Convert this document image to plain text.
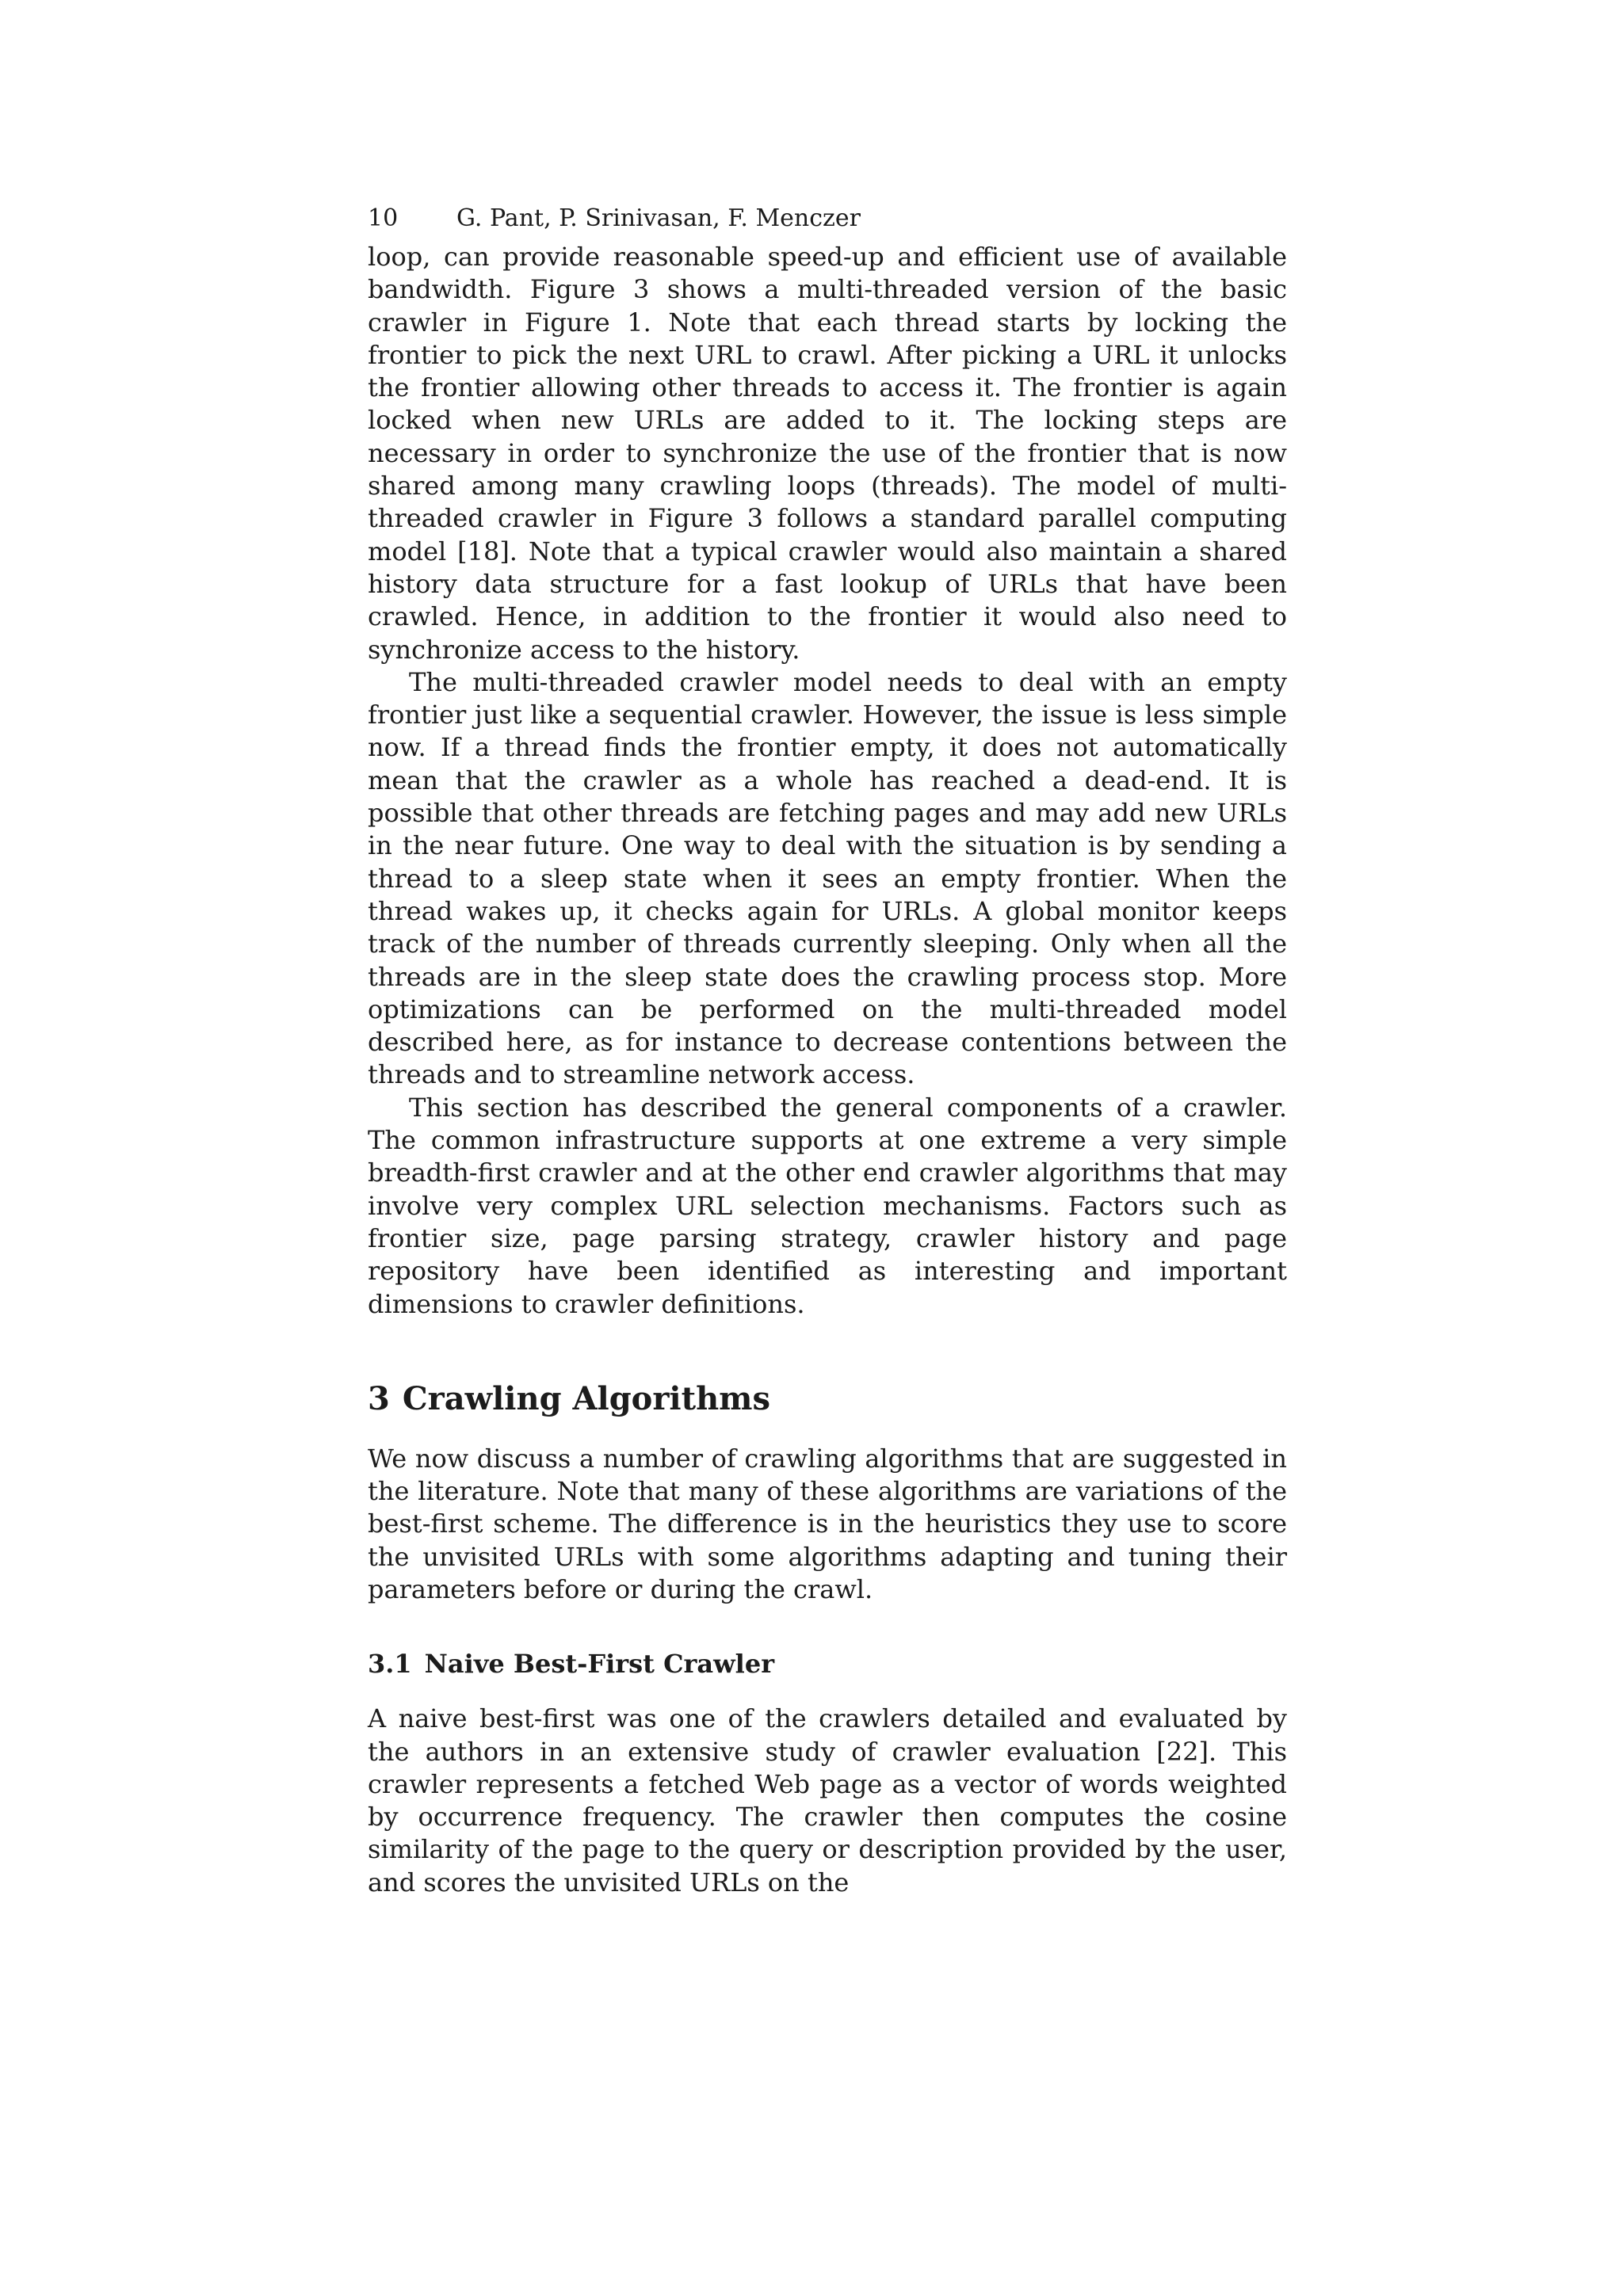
10	G. Pant, P. Srinivasan, F. Menczer

loop, can provide reasonable speed-up and efficient use of available bandwidth. Figure 3 shows a multi-threaded version of the basic crawler in Figure 1. Note that each thread starts by locking the frontier to pick the next URL to crawl. After picking a URL it unlocks the frontier allowing other threads to access it. The frontier is again locked when new URLs are added to it. The locking steps are necessary in order to synchronize the use of the frontier that is now shared among many crawling loops (threads). The model of multi-threaded crawler in Figure 3 follows a standard parallel computing model [18]. Note that a typical crawler would also maintain a shared history data structure for a fast lookup of URLs that have been crawled. Hence, in addition to the frontier it would also need to synchronize access to the history.

The multi-threaded crawler model needs to deal with an empty frontier just like a sequential crawler. However, the issue is less simple now. If a thread finds the frontier empty, it does not automatically mean that the crawler as a whole has reached a dead-end. It is possible that other threads are fetching pages and may add new URLs in the near future. One way to deal with the situation is by sending a thread to a sleep state when it sees an empty frontier. When the thread wakes up, it checks again for URLs. A global monitor keeps track of the number of threads currently sleeping. Only when all the threads are in the sleep state does the crawling process stop. More optimizations can be performed on the multi-threaded model described here, as for instance to decrease contentions between the threads and to streamline network access.

This section has described the general components of a crawler. The common infrastructure supports at one extreme a very simple breadth-first crawler and at the other end crawler algorithms that may involve very complex URL selection mechanisms. Factors such as frontier size, page parsing strategy, crawler history and page repository have been identified as interesting and important dimensions to crawler definitions.

3 Crawling Algorithms

We now discuss a number of crawling algorithms that are suggested in the literature. Note that many of these algorithms are variations of the best-first scheme. The difference is in the heuristics they use to score the unvisited URLs with some algorithms adapting and tuning their parameters before or during the crawl.

3.1 Naive Best-First Crawler

A naive best-first was one of the crawlers detailed and evaluated by the authors in an extensive study of crawler evaluation [22]. This crawler represents a fetched Web page as a vector of words weighted by occurrence frequency. The crawler then computes the cosine similarity of the page to the query or description provided by the user, and scores the unvisited URLs on the
